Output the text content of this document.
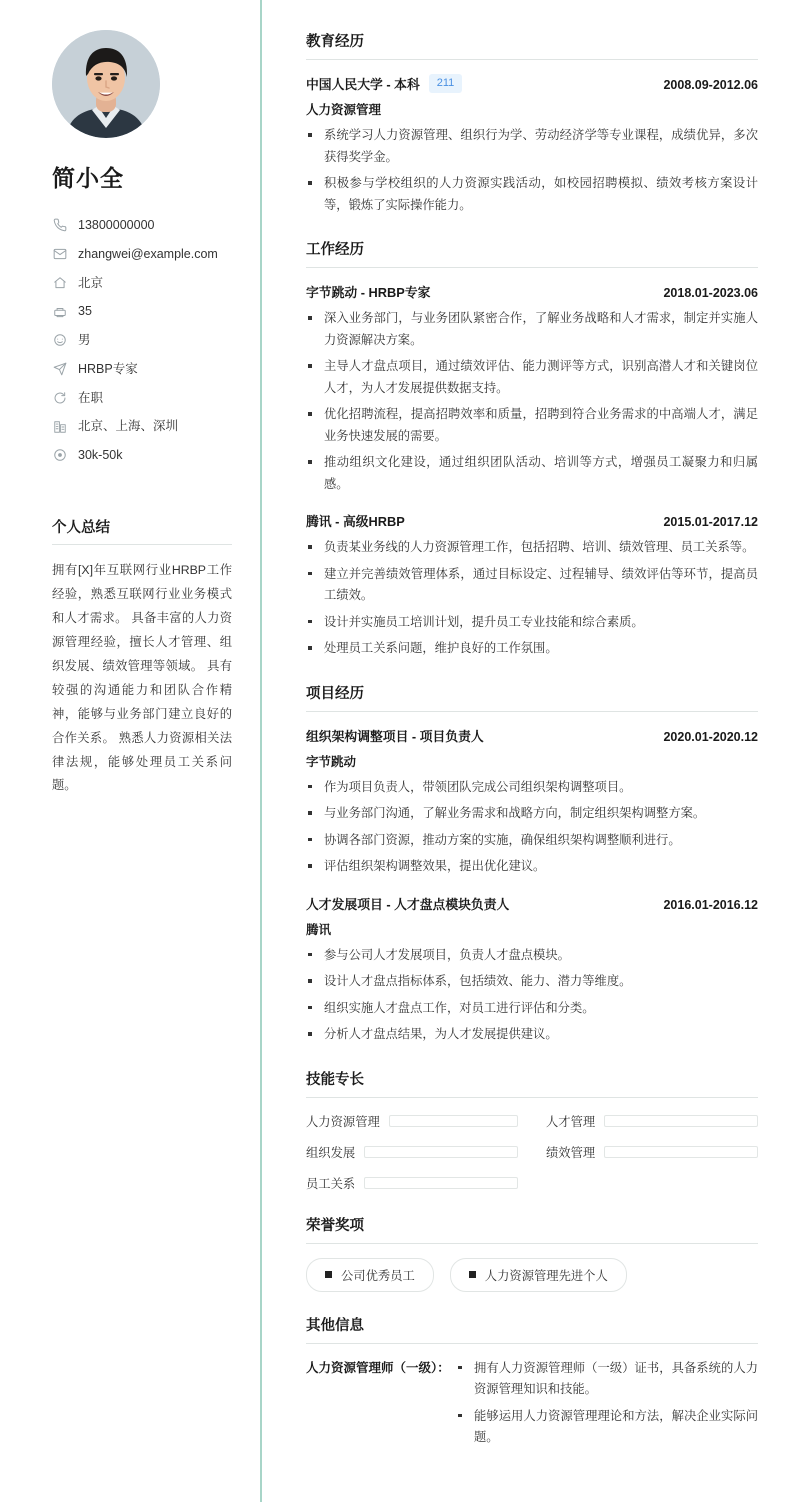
简小全
13800000000
zhangwei@example.com
北京
35
男
HRBP专家
在职
北京、上海、深圳
30k-50k
个人总结

拥有[X]年互联网行业HRBP工作经验，熟悉互联网行业业务模式和人才需求。 具备丰富的人力资源管理经验，擅长人才管理、组织发展、绩效管理等领域。 具有较强的沟通能力和团队合作精神，能够与业务部门建立良好的合作关系。 熟悉人力资源相关法律法规，能够处理员工关系问题。

教育经历
中国人民大学 - 本科	211	2008.09-2012.06
人力资源管理
系统学习人力资源管理、组织行为学、劳动经济学等专业课程，成绩优异，多次获得奖学金。
积极参与学校组织的人力资源实践活动，如校园招聘模拟、绩效考核方案设计等，锻炼了实际操作能力。
工作经历
字节跳动 - HRBP专家	2018.01-2023.06
深入业务部门，与业务团队紧密合作，了解业务战略和人才需求，制定并实施人力资源解决方案。
主导人才盘点项目，通过绩效评估、能力测评等方式，识别高潜人才和关键岗位人才，为人才发展提供数据支持。
优化招聘流程，提高招聘效率和质量，招聘到符合业务需求的中高端人才，满足业务快速发展的需要。
推动组织文化建设，通过组织团队活动、培训等方式，增强员工凝聚力和归属感。
腾讯 - 高级HRBP	2015.01-2017.12
负责某业务线的人力资源管理工作，包括招聘、培训、绩效管理、员工关系等。
建立并完善绩效管理体系，通过目标设定、过程辅导、绩效评估等环节，提高员工绩效。
设计并实施员工培训计划，提升员工专业技能和综合素质。
处理员工关系问题，维护良好的工作氛围。
项目经历
组织架构调整项目 - 项目负责人	2020.01-2020.12
字节跳动
作为项目负责人，带领团队完成公司组织架构调整项目。
与业务部门沟通，了解业务需求和战略方向，制定组织架构调整方案。
协调各部门资源，推动方案的实施，确保组织架构调整顺利进行。
评估组织架构调整效果，提出优化建议。
人才发展项目 - 人才盘点模块负责人	2016.01-2016.12
腾讯
参与公司人才发展项目，负责人才盘点模块。
设计人才盘点指标体系，包括绩效、能力、潜力等维度。
组织实施人才盘点工作，对员工进行评估和分类。
分析人才盘点结果，为人才发展提供建议。
技能专长
人力资源管理	人才管理
组织发展	绩效管理
员工关系
荣誉奖项
公司优秀员工	人力资源管理先进个人
其他信息
人力资源管理师（一级）：	拥有人力资源管理师（一级）证书，具备系统的人力资源管理知识和技能。
能够运用人力资源管理理论和方法，解决企业实际问题。
